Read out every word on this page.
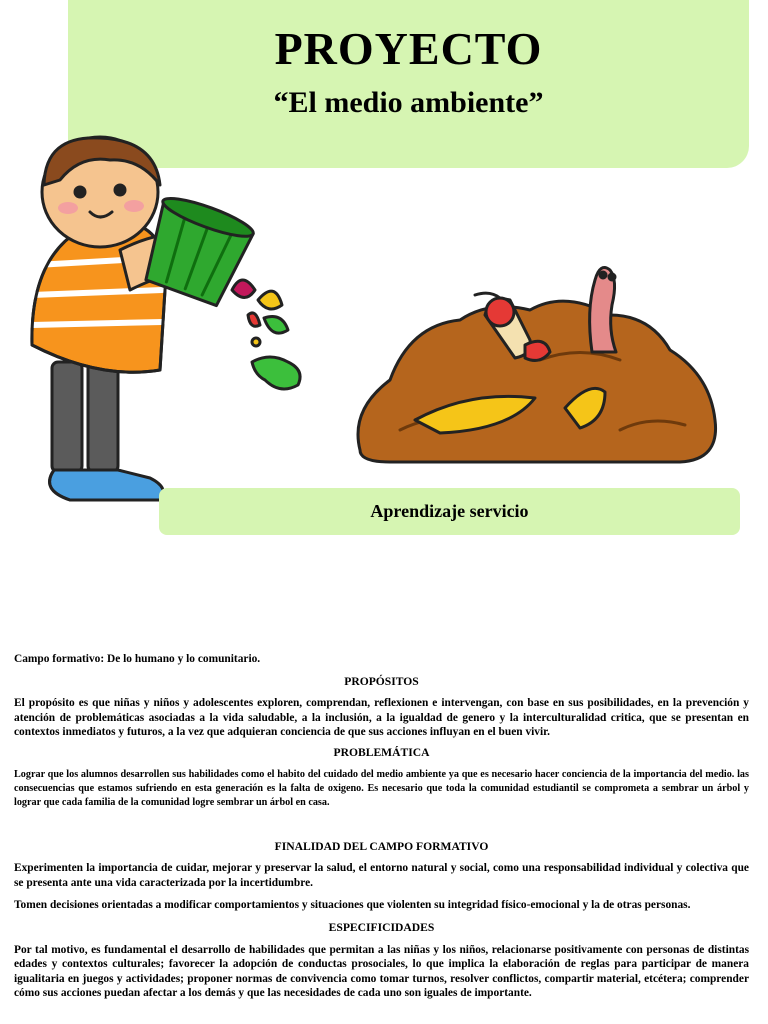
PROYECTO
“El medio ambiente”
Aprendizaje servicio

Campo formativo: De lo humano y lo comunitario.

PROPÓSITOS

El propósito es que niñas y niños y adolescentes exploren, comprendan, reflexionen e intervengan, con base en sus posibilidades, en la prevención y atención de problemáticas asociadas a la vida saludable, a la inclusión, a la igualdad de genero y la interculturalidad critica, que se presentan en contextos inmediatos y futuros, a la vez que adquieran conciencia de que sus acciones influyan en el buen vivir.

PROBLEMÁTICA

Lograr que los alumnos desarrollen sus habilidades como el habito del cuidado del medio ambiente ya que es necesario hacer conciencia de la importancia del medio. las consecuencias que estamos sufriendo en esta generación es la falta de oxigeno. Es necesario que toda la comunidad estudiantil se comprometa a sembrar un árbol y lograr que cada familia de la comunidad logre sembrar un árbol en casa.

FINALIDAD DEL CAMPO FORMATIVO

Experimenten la importancia de cuidar, mejorar y preservar la salud, el entorno natural y social, como una responsabilidad individual y colectiva que se presenta ante una vida caracterizada por la incertidumbre.

Tomen decisiones orientadas a modificar comportamientos y situaciones que violenten su integridad físico-emocional y la de otras personas.

ESPECIFICIDADES

Por tal motivo, es fundamental el desarrollo de habilidades que permitan a las niñas y los niños, relacionarse positivamente con personas de distintas edades y contextos culturales; favorecer la adopción de conductas prosociales, lo que implica la elaboración de reglas para participar de manera igualitaria en juegos y actividades; proponer normas de convivencia como tomar turnos, resolver conflictos, compartir material, etcétera; comprender cómo sus acciones puedan afectar a los demás y que las necesidades de cada uno son iguales de importante.
